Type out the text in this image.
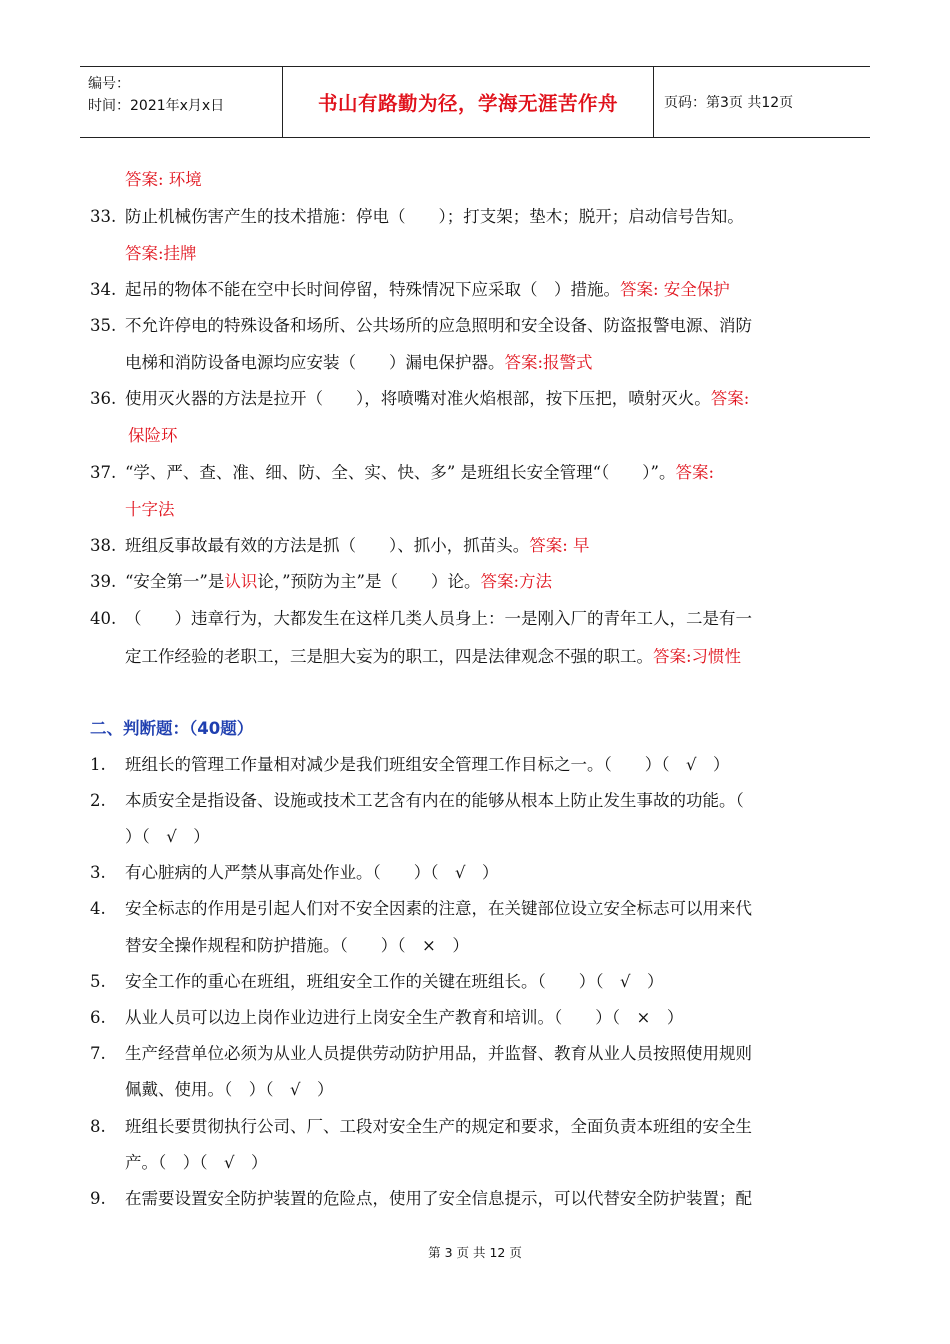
编号：
时间：2021年x月x日	书山有路勤为径，学海无涯苦作舟	页码：第3页 共12页
答案: 环境
33. 防止机械伤害产生的技术措施：停电（　　）；打支架；垫木；脱开；启动信号告知。
答案:挂牌
34. 起吊的物体不能在空中长时间停留，特殊情况下应采取（　）措施。答案: 安全保护
35. 不允许停电的特殊设备和场所、公共场所的应急照明和安全设备、防盗报警电源、消防
电梯和消防设备电源均应安装（　　）漏电保护器。答案:报警式
36. 使用灭火器的方法是拉开（　　），将喷嘴对准火焰根部，按下压把，喷射灭火。答案:
保险环
37. “学、严、查、准、细、防、全、实、快、多” 是班组长安全管理“（　　）”。答案:
十字法
38. 班组反事故最有效的方法是抓（　　）、抓小，抓苗头。答案: 早
39. “安全第一”是认识论，”预防为主”是（　　）论。答案:方法
40. （　　）违章行为，大都发生在这样几类人员身上：一是刚入厂的青年工人，二是有一
定工作经验的老职工，三是胆大妄为的职工，四是法律观念不强的职工。答案:习惯性
二、判断题：（40题）
1.	班组长的管理工作量相对减少是我们班组安全管理工作目标之一。（　　）（　√　）
2.	本质安全是指设备、设施或技术工艺含有内在的能够从根本上防止发生事故的功能。（
）（　√　）
3.	有心脏病的人严禁从事高处作业。（　　）（　√　）
4.	安全标志的作用是引起人们对不安全因素的注意，在关键部位设立安全标志可以用来代
替安全操作规程和防护措施。（　　）（　×　）
5.	安全工作的重心在班组，班组安全工作的关键在班组长。（　　）（　√　）
6.	从业人员可以边上岗作业边进行上岗安全生产教育和培训。（　　）（　×　）
7.	生产经营单位必须为从业人员提供劳动防护用品，并监督、教育从业人员按照使用规则
佩戴、使用。（　）（　√　）
8.	班组长要贯彻执行公司、厂、工段对安全生产的规定和要求，全面负责本班组的安全生
产。（　）（　√　）
9.	在需要设置安全防护装置的危险点，使用了安全信息提示，可以代替安全防护装置；配
第 3 页 共 12 页
